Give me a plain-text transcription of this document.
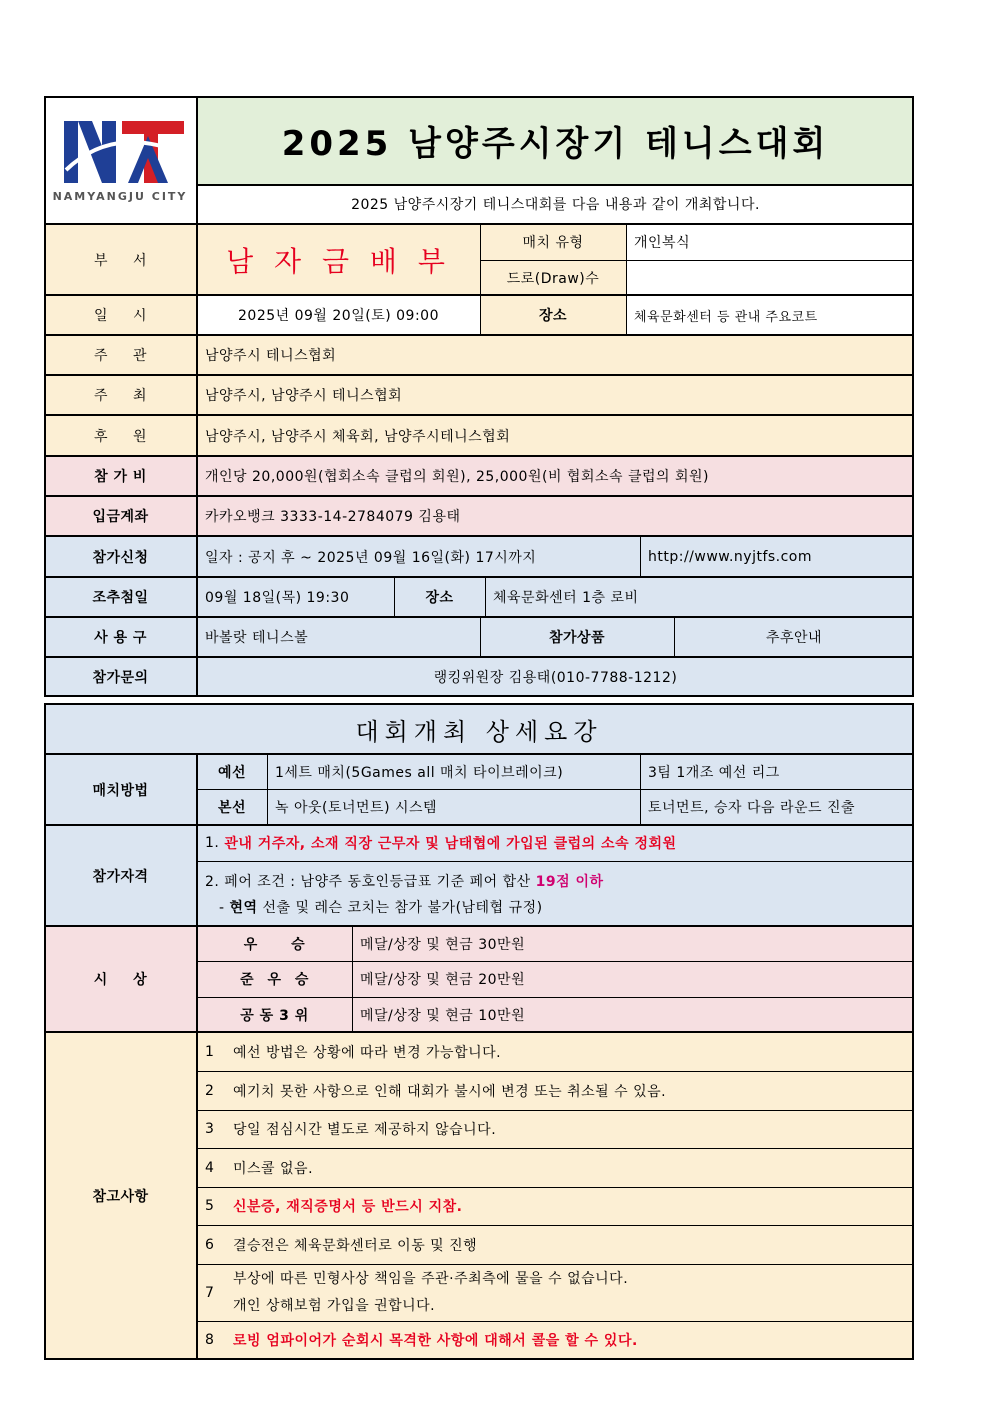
NAMYANGJU CITY
2025 남양주시장기 테니스대회
2025 남양주시장기 테니스대회를 다음 내용과 같이 개최합니다.
부 서	남 자 금 배 부
매치 유형	개인복식
드로(Draw)수
일 시	2025년 09월 20일(토) 09:00	장소	체육문화센터 등 관내 주요코트
주 관	남양주시 테니스협회
주 최	남양주시, 남양주시 테니스협회
후 원	남양주시, 남양주시 체육회, 남양주시테니스협회
참 가 비	개인당 20,000원(협회소속 클럽의 회원), 25,000원(비 협회소속 클럽의 회원)
입금계좌	카카오뱅크 3333-14-2784079 김용태
참가신청	일자 : 공지 후 ~ 2025년 09월 16일(화) 17시까지	http://www.nyjtfs.com
조추첨일	09월 18일(목) 19:30	장소	체육문화센터 1층 로비
사 용 구	바볼랏 테니스볼	참가상품	추후안내
참가문의	랭킹위원장 김용태(010-7788-1212)
대회개최 상세요강
매치방법
예선	1세트 매치(5Games all 매치 타이브레이크)	3팀 1개조 예선 리그
본선	녹 아웃(토너먼트) 시스템	토너먼트, 승자 다음 라운드 진출
참가자격
1. 관내 거주자, 소재 직장 근무자 및 남태협에 가입된 클럽의 소속 정회원
2. 페어 조건 : 남양주 동호인등급표 기준 페어 합산 19점 이하
- 현역 선출 및 레슨 코치는 참가 불가(남테협 규정)
시 상
우 승	메달/상장 및 현금 30만원
준 우 승	메달/상장 및 현금 20만원
공 동 3 위	메달/상장 및 현금 10만원
참고사항
1	예선 방법은 상황에 따라 변경 가능합니다.
2	예기치 못한 사항으로 인해 대회가 불시에 변경 또는 취소될 수 있음.
3	당일 점심시간 별도로 제공하지 않습니다.
4	미스콜 없음.
5	신분증, 재직증명서 등 반드시 지참.
6	결승전은 체육문화센터로 이동 및 진행
7
부상에 따른 민형사상 책임을 주관·주최측에 물을 수 없습니다.
개인 상해보험 가입을 권합니다.
8	로빙 엄파이어가 순회시 목격한 사항에 대해서 콜을 할 수 있다.
